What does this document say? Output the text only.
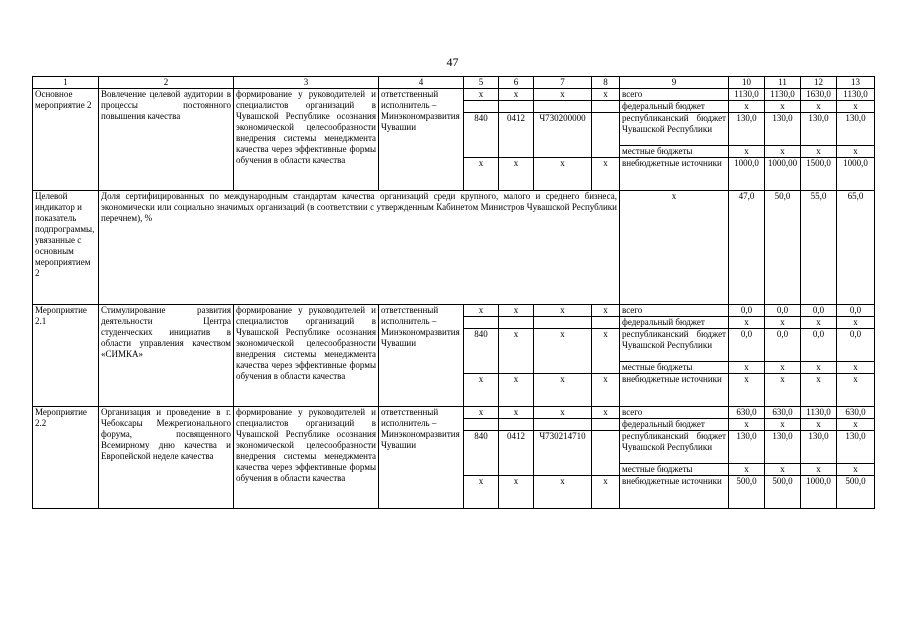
47
1	2	3	4	5	6	7	8	9	10	11	12	13
Основное мероприятие 2	Вовлечение целевой аудитории в процессы постоянного повышения качества	формирование у руководителей и специалистов организаций в Чувашской Республике осознания экономической целесообразности внедрения системы менеджмента качества через эффективные формы обучения в области качества	ответственный исполнитель – Минэкономразвития Чувашии	х	х	х	х	всего	1130,0	1130,0	1630,0	1130,0
								федеральный бюджет	х	х	х	х
				840	0412	Ч730200000		республиканский бюджет Чувашской Республики	130,0	130,0	130,0	130,0
								местные бюджеты	х	х	х	х
				х	х	х	х	внебюджетные источники	1000,0	1000,00	1500,0	1000,0
Целевой индикатор и показатель подпрограммы, увязанные с основным мероприятием 2	Доля сертифицированных по международным стандартам качества организаций среди крупного, малого и среднего бизнеса, экономически или социально значимых организаций (в соответствии с утвержденным Кабинетом Министров Чувашской Республики перечнем), %							х	47,0	50,0	55,0	65,0
Мероприятие 2.1	Стимулирование развития деятельности Центра студенческих инициатив в области управления качеством «СИМКА»	формирование у руководителей и специалистов организаций в Чувашской Республике осознания экономической целесообразности внедрения системы менеджмента качества через эффективные формы обучения в области качества	ответственный исполнитель – Минэкономразвития Чувашии	х	х	х	х	всего	0,0	0,0	0,0	0,0
								федеральный бюджет	х	х	х	х
				840	х	х	х	республиканский бюджет Чувашской Республики	0,0	0,0	0,0	0,0
								местные бюджеты	х	х	х	х
				х	х	х	х	внебюджетные источники	х	х	х	х
Мероприятие 2.2	Организация и проведение в г. Чебоксары Межрегионального форума, посвященного Всемирному дню качества и Европейской неделе качества	формирование у руководителей и специалистов организаций в Чувашской Республике осознания экономической целесообразности внедрения системы менеджмента качества через эффективные формы обучения в области качества	ответственный исполнитель – Минэкономразвития Чувашии	х	х	х	х	всего	630,0	630,0	1130,0	630,0
								федеральный бюджет	х	х	х	х
				840	0412	Ч730214710		республиканский бюджет Чувашской Республики	130,0	130,0	130,0	130,0
								местные бюджеты	х	х	х	х
				х	х	х	х	внебюджетные источники	500,0	500,0	1000,0	500,0
